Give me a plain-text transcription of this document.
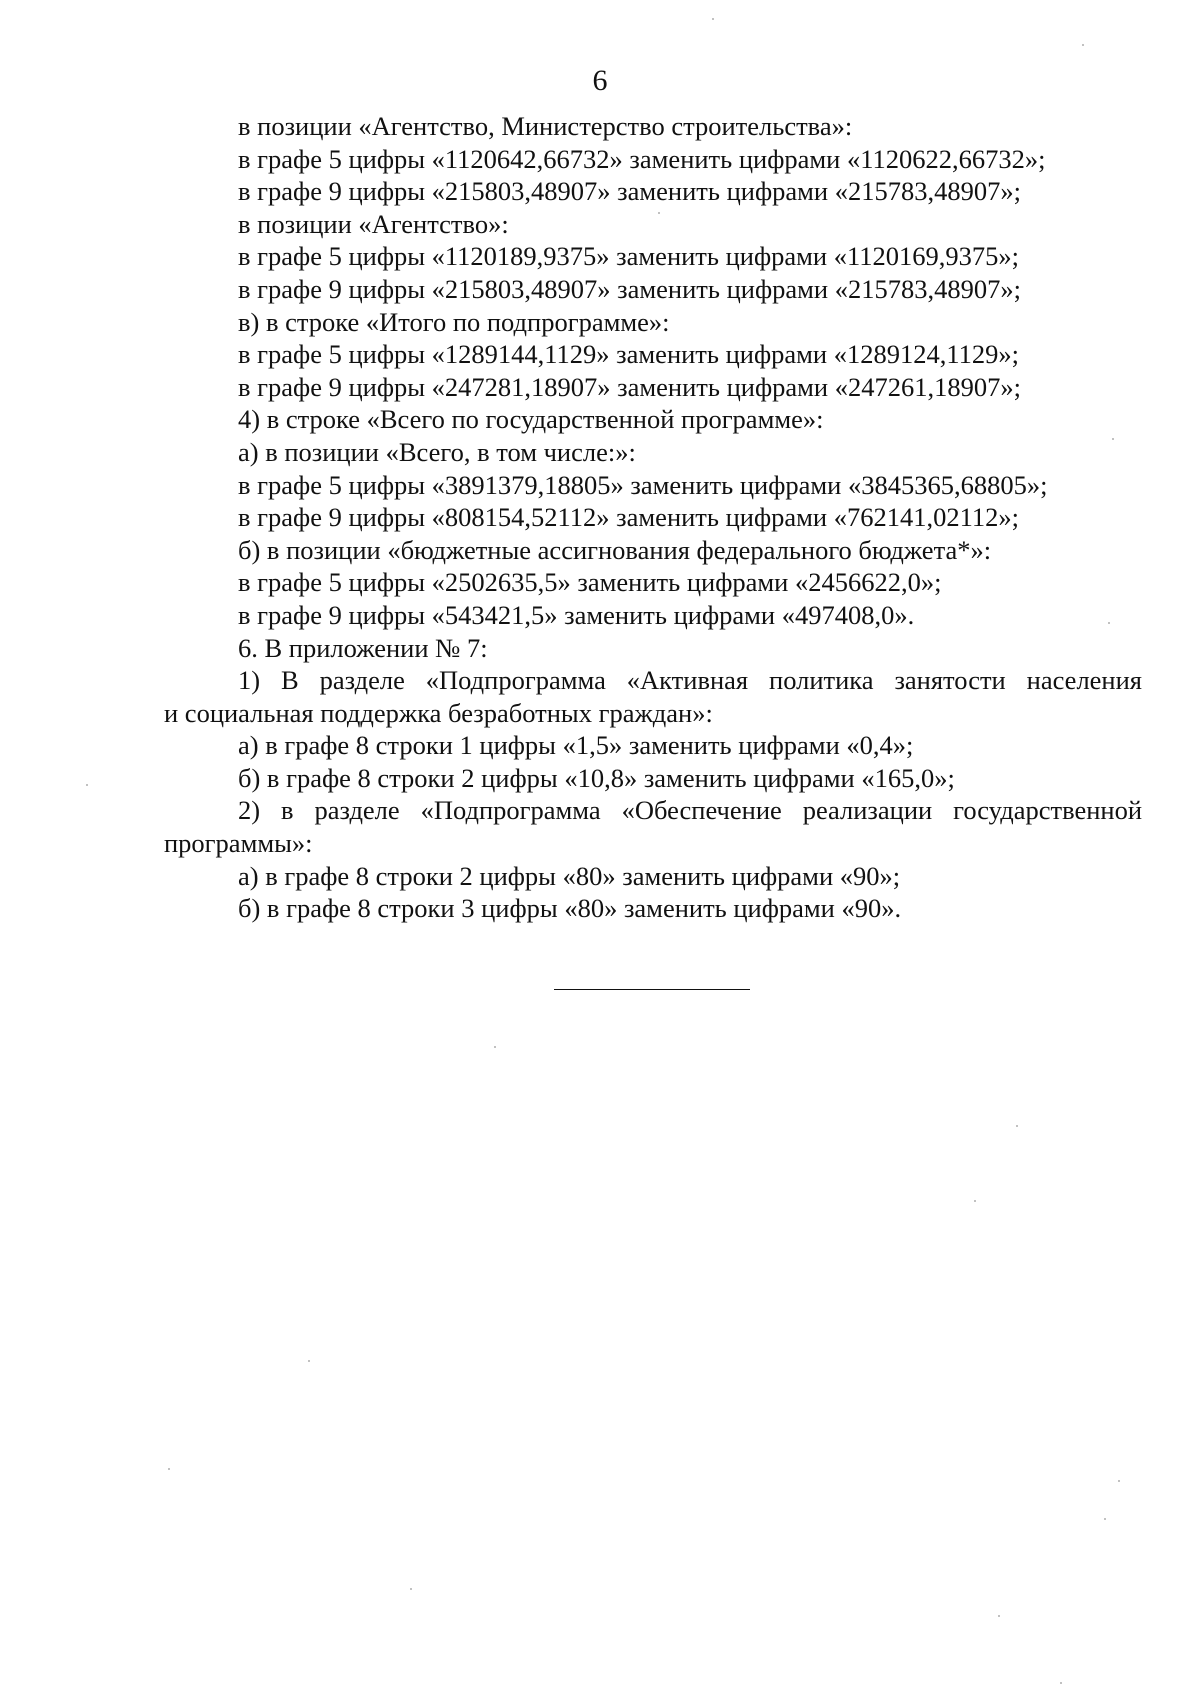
6
в позиции «Агентство, Министерство строительства»:
в графе 5 цифры «1120642,66732» заменить цифрами «1120622,66732»;
в графе 9 цифры «215803,48907» заменить цифрами «215783,48907»;
в позиции «Агентство»:
в графе 5 цифры «1120189,9375» заменить цифрами «1120169,9375»;
в графе 9 цифры «215803,48907» заменить цифрами «215783,48907»;
в) в строке «Итого по подпрограмме»:
в графе 5 цифры «1289144,1129» заменить цифрами «1289124,1129»;
в графе 9 цифры «247281,18907» заменить цифрами «247261,18907»;
4) в строке «Всего по государственной программе»:
а) в позиции «Всего, в том числе:»:
в графе 5 цифры «3891379,18805» заменить цифрами «3845365,68805»;
в графе 9 цифры «808154,52112» заменить цифрами «762141,02112»;
б) в позиции «бюджетные ассигнования федерального бюджета*»:
в графе 5 цифры «2502635,5» заменить цифрами «2456622,0»;
в графе 9 цифры «543421,5» заменить цифрами «497408,0».
6. В приложении № 7:
1) В разделе «Подпрограмма «Активная политика занятости населения
и социальная поддержка безработных граждан»:
а) в графе 8 строки 1 цифры «1,5» заменить цифрами «0,4»;
б) в графе 8 строки 2 цифры «10,8» заменить цифрами «165,0»;
2) в разделе «Подпрограмма «Обеспечение реализации государственной
программы»:
а) в графе 8 строки 2 цифры «80» заменить цифрами «90»;
б) в графе 8 строки 3 цифры «80» заменить цифрами «90».
